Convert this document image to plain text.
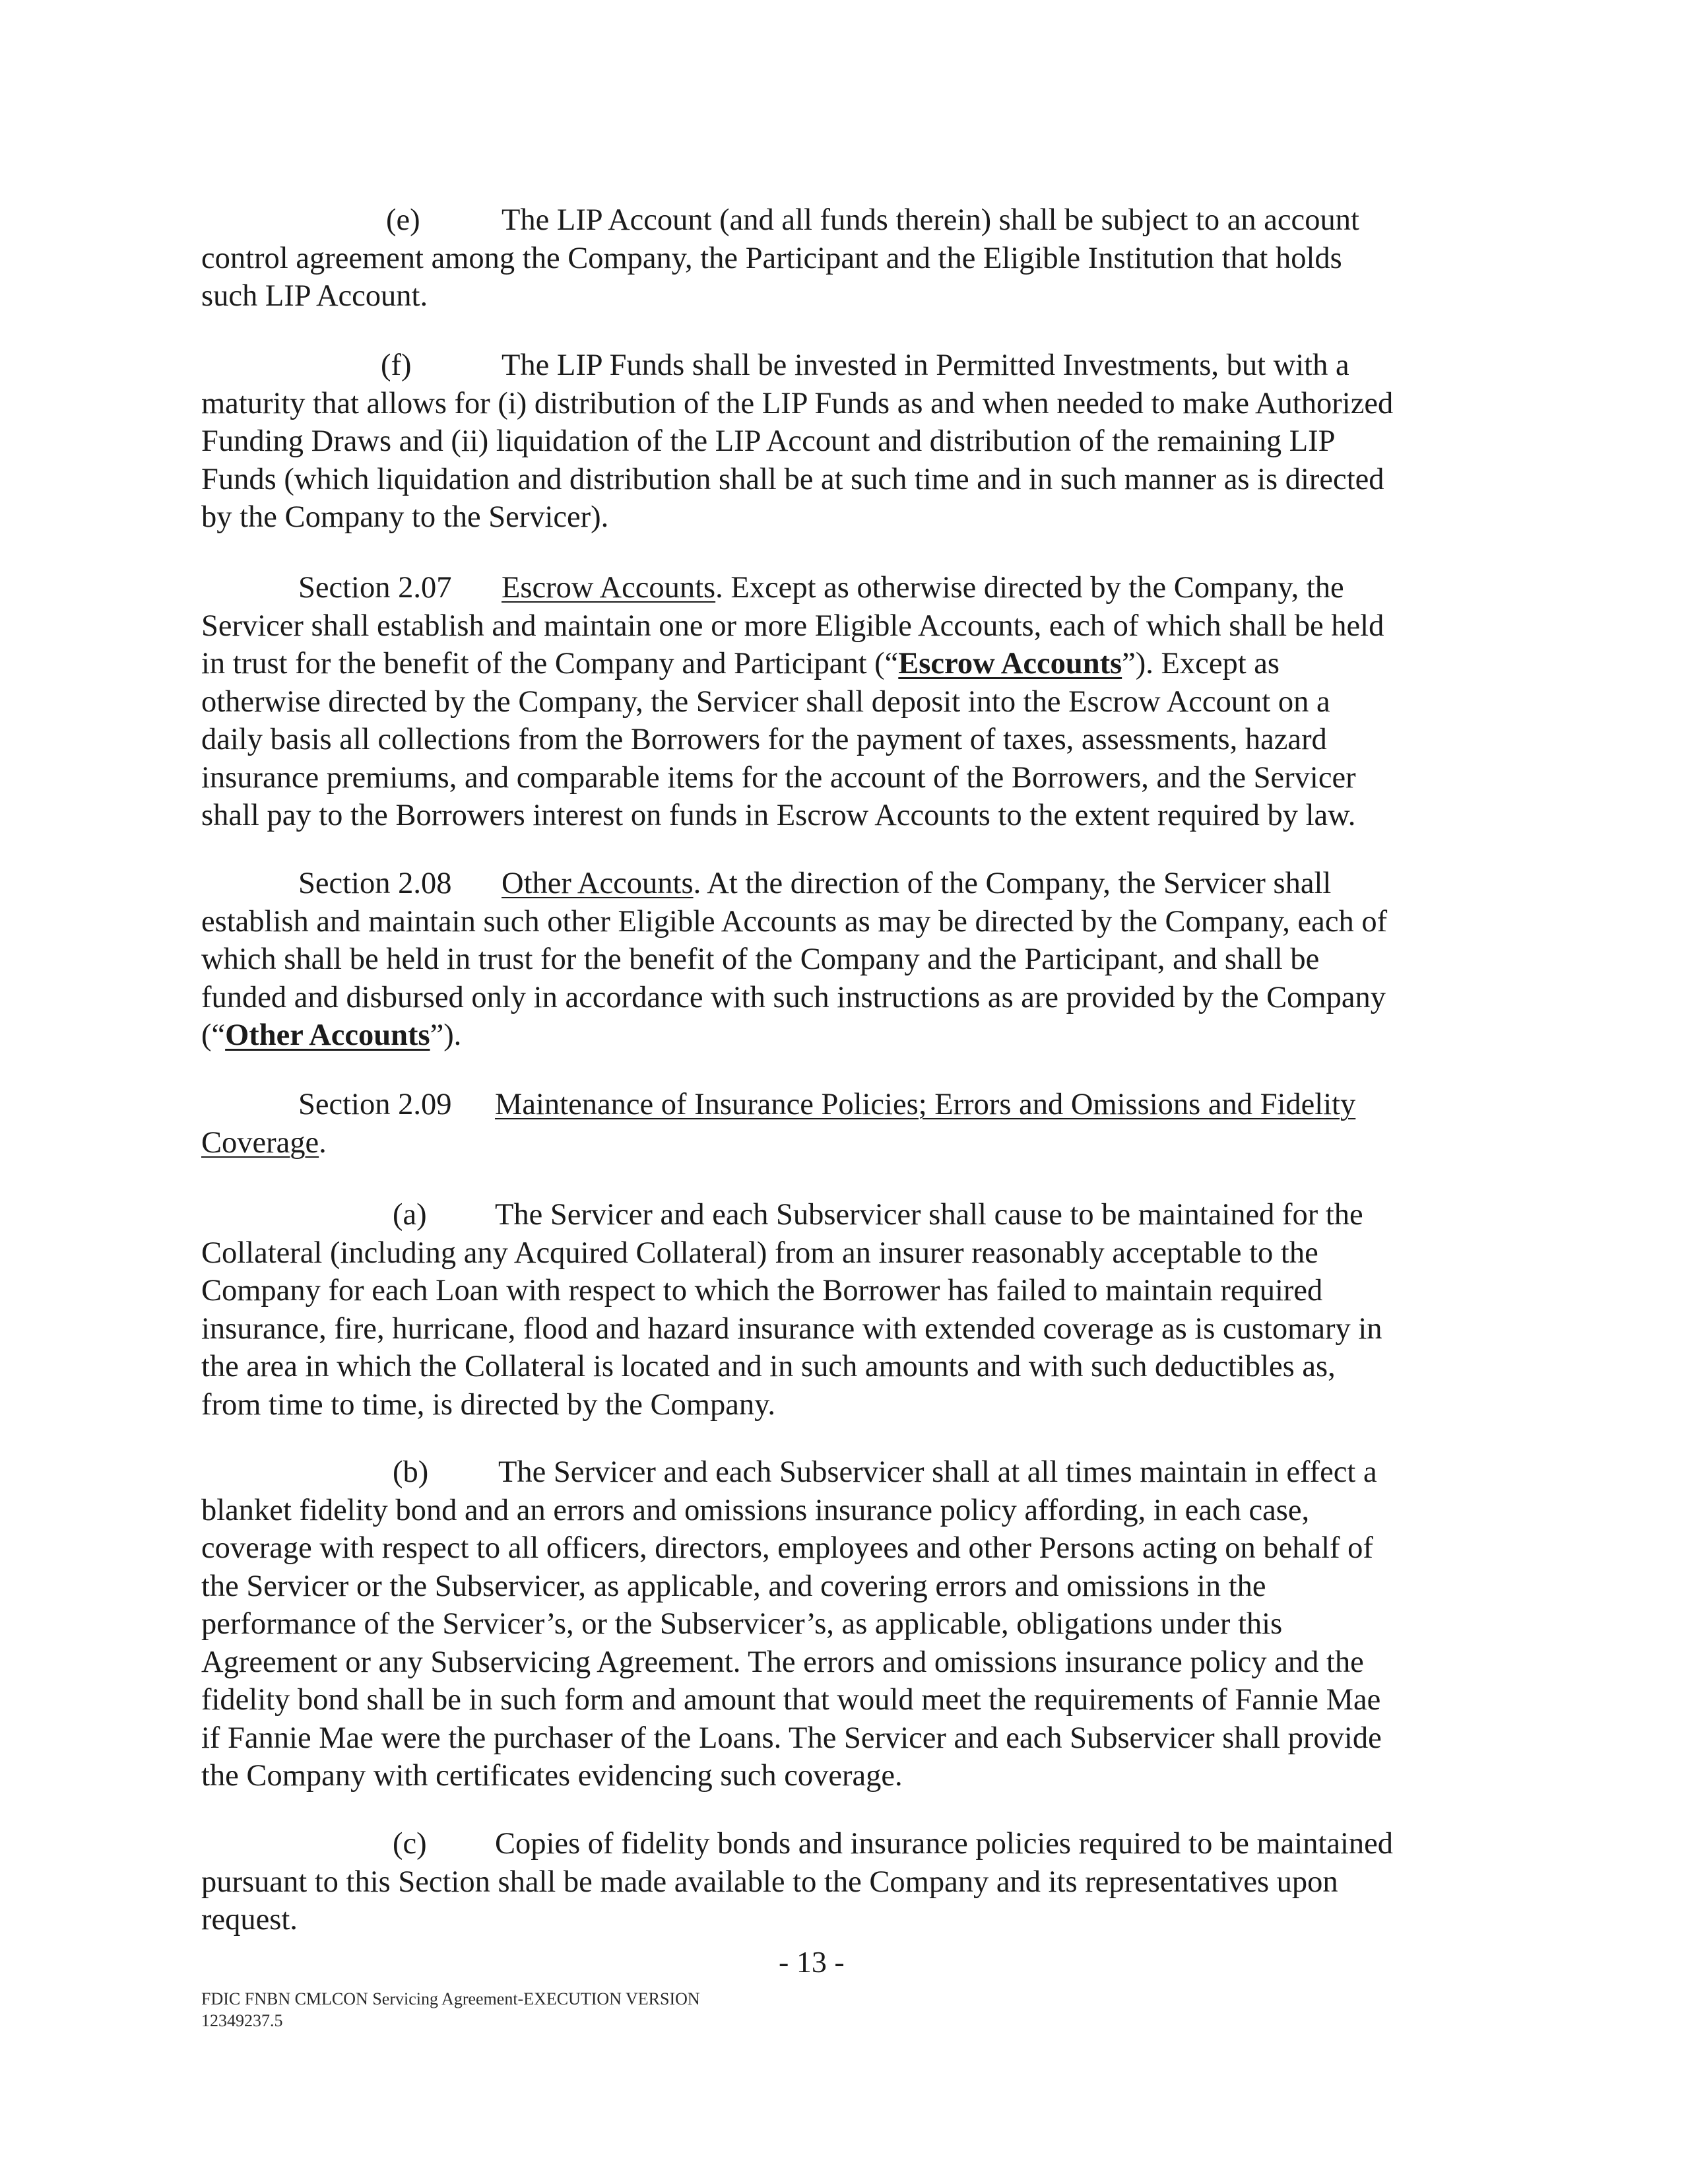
(e)	The LIP Account (and all funds therein) shall be subject to an account
control agreement among the Company, the Participant and the Eligible Institution that holds
such LIP Account.
(f)	The LIP Funds shall be invested in Permitted Investments, but with a
maturity that allows for (i) distribution of the LIP Funds as and when needed to make Authorized
Funding Draws and (ii) liquidation of the LIP Account and distribution of the remaining LIP
Funds (which liquidation and distribution shall be at such time and in such manner as is directed
by the Company to the Servicer).
Section 2.07 Escrow Accounts. Except as otherwise directed by the Company, the
Servicer shall establish and maintain one or more Eligible Accounts, each of which shall be held
in trust for the benefit of the Company and Participant (“Escrow Accounts”). Except as
otherwise directed by the Company, the Servicer shall deposit into the Escrow Account on a
daily basis all collections from the Borrowers for the payment of taxes, assessments, hazard
insurance premiums, and comparable items for the account of the Borrowers, and the Servicer
shall pay to the Borrowers interest on funds in Escrow Accounts to the extent required by law.
Section 2.08 Other Accounts. At the direction of the Company, the Servicer shall
establish and maintain such other Eligible Accounts as may be directed by the Company, each of
which shall be held in trust for the benefit of the Company and the Participant, and shall be
funded and disbursed only in accordance with such instructions as are provided by the Company
(“Other Accounts”).
Section 2.09 Maintenance of Insurance Policies; Errors and Omissions and Fidelity
Coverage.
(a) The Servicer and each Subservicer shall cause to be maintained for the
Collateral (including any Acquired Collateral) from an insurer reasonably acceptable to the
Company for each Loan with respect to which the Borrower has failed to maintain required
insurance, fire, hurricane, flood and hazard insurance with extended coverage as is customary in
the area in which the Collateral is located and in such amounts and with such deductibles as,
from time to time, is directed by the Company.
(b) The Servicer and each Subservicer shall at all times maintain in effect a
blanket fidelity bond and an errors and omissions insurance policy affording, in each case,
coverage with respect to all officers, directors, employees and other Persons acting on behalf of
the Servicer or the Subservicer, as applicable, and covering errors and omissions in the
performance of the Servicer’s, or the Subservicer’s, as applicable, obligations under this
Agreement or any Subservicing Agreement. The errors and omissions insurance policy and the
fidelity bond shall be in such form and amount that would meet the requirements of Fannie Mae
if Fannie Mae were the purchaser of the Loans. The Servicer and each Subservicer shall provide
the Company with certificates evidencing such coverage.
(c) Copies of fidelity bonds and insurance policies required to be maintained
pursuant to this Section shall be made available to the Company and its representatives upon
request.
- 13 -
FDIC FNBN CMLCON Servicing Agreement-EXECUTION VERSION
12349237.5
